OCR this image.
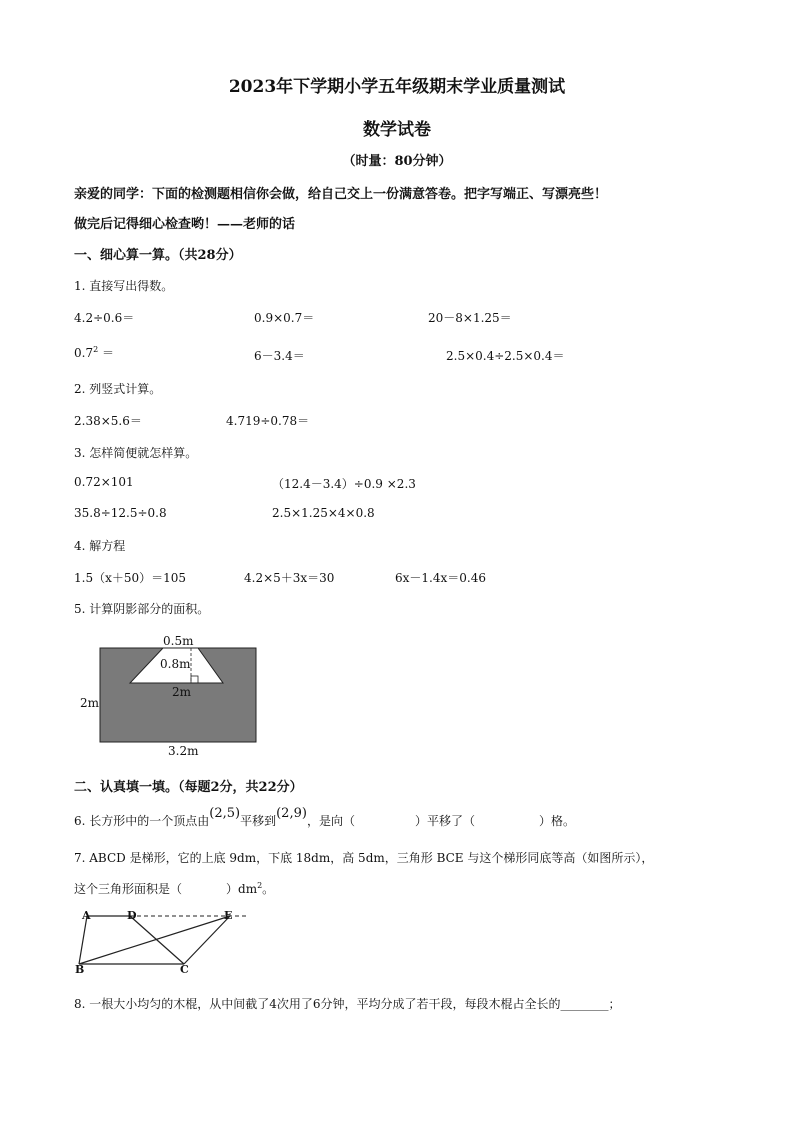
2023年下学期小学五年级期末学业质量测试
数学试卷
（时量：80分钟）
亲爱的同学：下面的检测题相信你会做，给自己交上一份满意答卷。把字写端正、写漂亮些！
做完后记得细心检查哟！——老师的话
一、细心算一算。（共28分）
1. 直接写出得数。
4.2÷0.6＝	0.9×0.7＝	20－8×1.25＝
$0.7^2$ ＝	6－3.4＝	2.5×0.4÷2.5×0.4＝
2. 列竖式计算。
2.38×5.6＝	4.719÷0.78＝
3. 怎样简便就怎样算。
0.72×101	（12.4－3.4）÷0.9 ×2.3
35.8÷12.5÷0.8	2.5×1.25×4×0.8
4. 解方程
1.5（x＋50）＝105	4.2×5＋3x＝30	6x－1.4x＝0.46
5. 计算阴影部分的面积。
0.5m
0.8m
2m
2m
3.2m
二、认真填一填。（每题2分，共22分）
6. 长方形中的一个顶点由(2,5)平移到(2,9)，是向（	）平移了（	）格。
7. ABCD 是梯形，它的上底 9dm，下底 18dm，高 5dm，三角形 BCE 与这个梯形同底等高（如图所示），
这个三角形面积是（	）$dm^2$。
A	D	E
B	C
8. 一根大小均匀的木棍，从中间截了4次用了6分钟，平均分成了若干段，每段木棍占全长的________；
